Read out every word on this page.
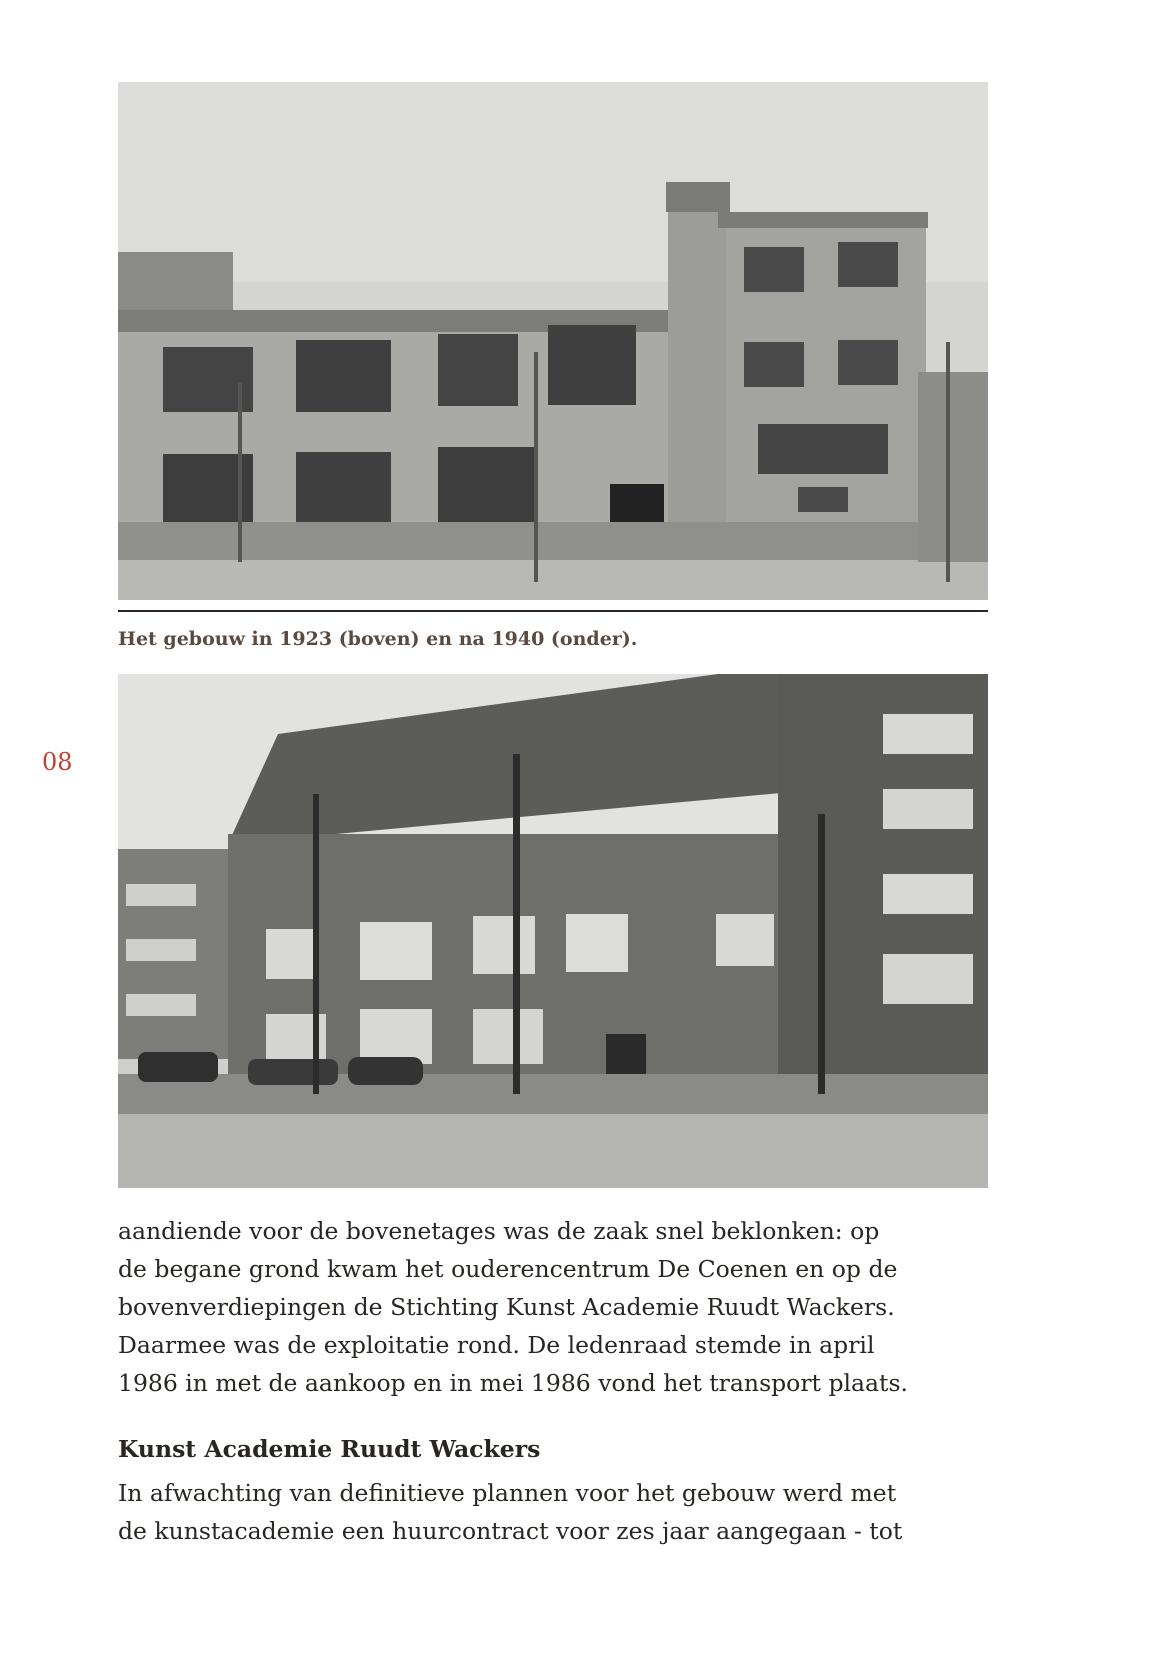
08
Het gebouw in 1923 (boven) en na 1940 (onder).

aandiende voor de bovenetages was de zaak snel beklonken: op

de begane grond kwam het ouderencentrum De Coenen en op de

bovenverdiepingen de Stichting Kunst Academie Ruudt Wackers.

Daarmee was de exploitatie rond. De ledenraad stemde in april

1986 in met de aankoop en in mei 1986 vond het transport plaats.

Kunst Academie Ruudt Wackers

In afwachting van definitieve plannen voor het gebouw werd met

de kunstacademie een huurcontract voor zes jaar aangegaan - tot
